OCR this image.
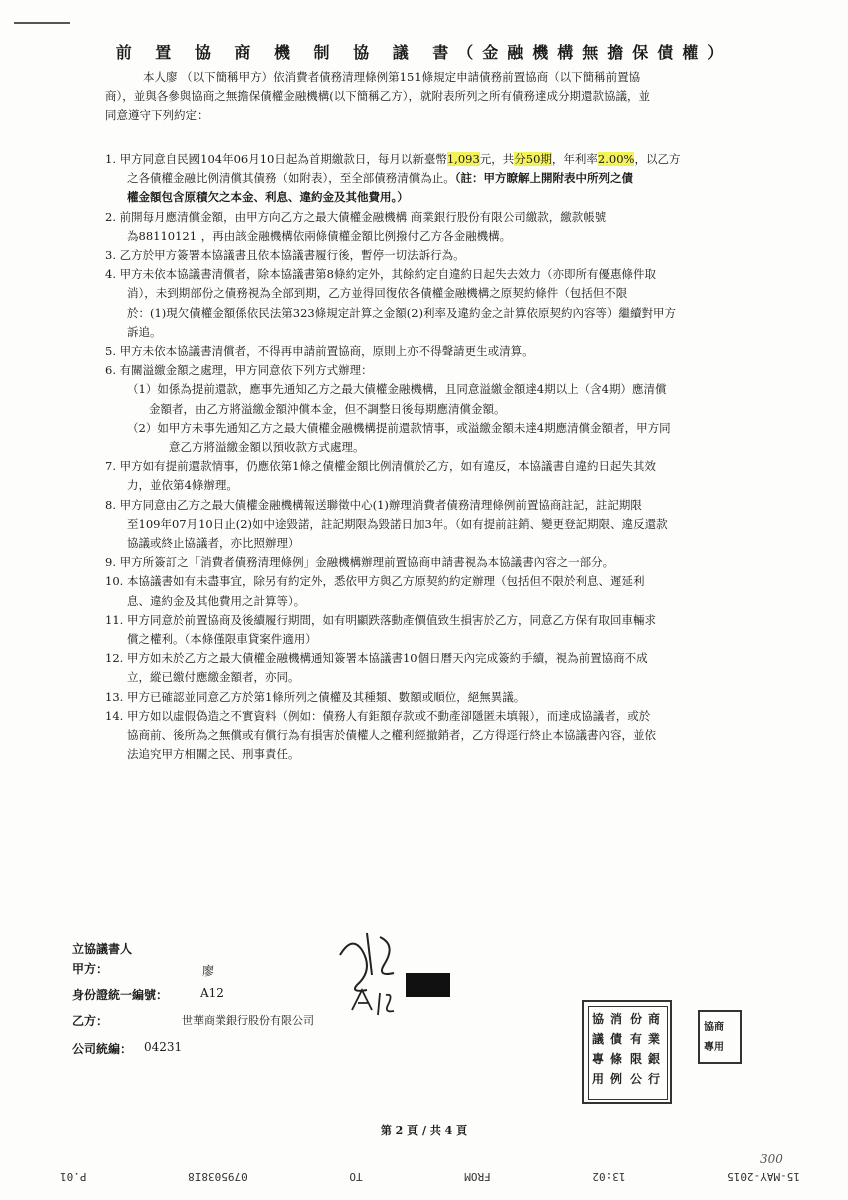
前 置 協 商 機 制 協 議 書（金融機構無擔保債權）
本人廖 （以下簡稱甲方）依消費者債務清理條例第151條規定申請債務前置協商（以下簡稱前置協
商），並與各參與協商之無擔保債權金融機構(以下簡稱乙方），就附表所列之所有債務達成分期還款協議，並
同意遵守下列約定：
1. 甲方同意自民國104年06月10日起為首期繳款日，每月以新臺幣1,093元，共分50期，年利率2.00%，以乙方
之各債權金融比例清償其債務（如附表），至全部債務清償為止。（註：甲方瞭解上開附表中所列之債
權金額包含原積欠之本金、利息、違約金及其他費用。）
2. 前開每月應清償金額，由甲方向乙方之最大債權金融機構 商業銀行股份有限公司繳款，繳款帳號
為88110121 ，再由該金融機構依兩條債權金額比例撥付乙方各金融機構。
3. 乙方於甲方簽署本協議書且依本協議書履行後，暫停一切法訴行為。
4. 甲方未依本協議書清償者，除本協議書第8條約定外，其餘約定自違約日起失去效力（亦即所有優惠條件取
消），未到期部份之債務視為全部到期，乙方並得回復依各債權金融機構之原契約條件（包括但不限
於：(1)現欠債權金額係依民法第323條規定計算之金額(2)利率及違約金之計算依原契約內容等）繼續對甲方
訴追。
5. 甲方未依本協議書清償者，不得再申請前置協商，原則上亦不得聲請更生或清算。
6. 有關溢繳金額之處理，甲方同意依下列方式辦理：
（1）如係為提前還款，應事先通知乙方之最大債權金融機構，且同意溢繳金額達4期以上（含4期）應清償
金額者，由乙方將溢繳金額沖償本金，但不調整日後每期應清償金額。
（2）如甲方未事先通知乙方之最大債權金融機構提前還款情事，或溢繳金額未達4期應清償金額者，甲方同
意乙方將溢繳金額以預收款方式處理。
7. 甲方如有提前還款情事，仍應依第1條之債權金額比例清償於乙方，如有違反，本協議書自違約日起失其效
力，並依第4條辦理。
8. 甲方同意由乙方之最大債權金融機構報送聯徵中心(1)辦理消費者債務清理條例前置協商註記，註記期限
至109年07月10日止(2)如中途毀諾，註記期限為毀諾日加3年。（如有提前註銷、變更登記期限、違反還款
協議或終止協議者，亦比照辦理）
9. 甲方所簽訂之「消費者債務清理條例」金融機構辦理前置協商申請書視為本協議書內容之一部分。
10. 本協議書如有未盡事宜，除另有約定外，悉依甲方與乙方原契約約定辦理（包括但不限於利息、遲延利
息、違約金及其他費用之計算等）。
11. 甲方同意於前置協商及後續履行期間，如有明顯跌落動產價值致生損害於乙方，同意乙方保有取回車輛求
償之權利。（本條僅限車貸案件適用）
12. 甲方如未於乙方之最大債權金融機構通知簽署本協議書10個日曆天內完成簽約手續，視為前置協商不成
立，縱已繳付應繳金額者，亦同。
13. 甲方已確認並同意乙方於第1條所列之債權及其種類、數額或順位，絕無異議。
14. 甲方如以虛假偽造之不實資料（例如：債務人有鉅額存款或不動產卻隱匿未填報），而達成協議者，或於
協商前、後所為之無償或有償行為有損害於債權人之權利經撤銷者，乙方得逕行終止本協議書內容，並依
法追究甲方相關之民、刑事責任。
立協議書人
甲方：	廖
身份證統一編號：	A12
乙方：	世華商業銀行股份有限公司
公司統編： 04231
協
議
專
用
消
債
條
例
份
有
限
公
商
業
銀
行
協商
專用
第 2 頁 / 共 4 頁
300
15-MAY-2015
13:02
FROM
TO
0795038I8
P.01
